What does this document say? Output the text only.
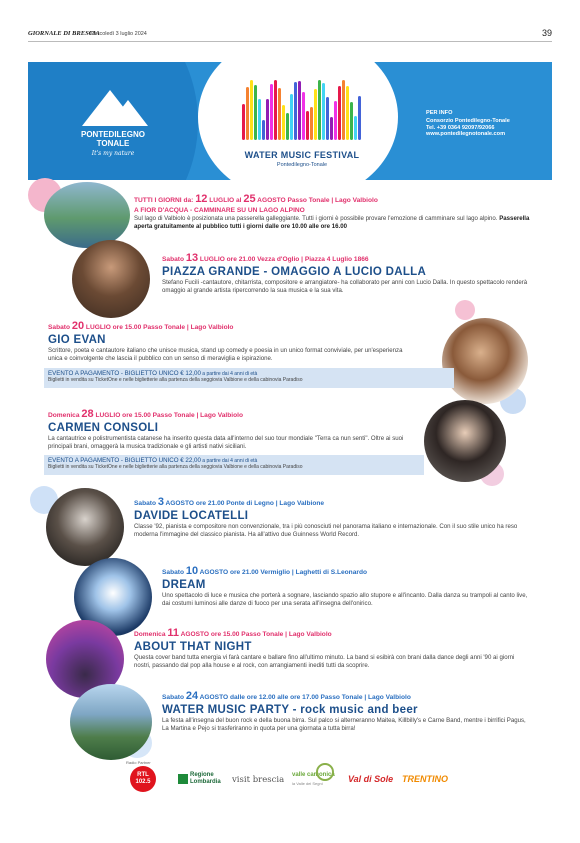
GIORNALE DI BRESCIA
Mercoledì 3 luglio 2024	39
PONTEDILEGNO
TONALE
It's my nature	WATER MUSIC FESTIVAL
Pontedilegno-Tonale
PER INFO
Consorzio Pontedilegno-Tonale
Tel. +39 0364 92097/92066
www.pontedilegnotonale.com
TUTTI I GIORNI da: 12 LUGLIO al 25 AGOSTO Passo Tonale | Lago Valbiolo
A FIOR D'ACQUA - CAMMINARE SU UN LAGO ALPINO
Sul lago di Valbiolo è posizionata una passerella galleggiante. Tutti i giorni è possibile provare l'emozione di camminare sul lago alpino. Passerella aperta gratuitamente al pubblico tutti i giorni dalle ore 10.00 alle ore 16.00
Sabato 13 LUGLIO ore 21.00 Vezza d'Oglio | Piazza 4 Luglio 1866
PIAZZA GRANDE - OMAGGIO A LUCIO DALLA
Stefano Fucili -cantautore, chitarrista, compositore e arrangiatore- ha collaborato per anni con Lucio Dalla. In questo spettacolo renderà omaggio al grande artista ripercorrendo la sua musica e la sua vita.
Sabato 20 LUGLIO ore 15.00 Passo Tonale | Lago Valbiolo
GIO EVAN
Scrittore, poeta e cantautore italiano che unisce musica, stand up comedy e poesia in un unico format conviviale, per un'esperienza unica e coinvolgente che lascia il pubblico con un senso di meraviglia e ispirazione.
EVENTO A PAGAMENTO - BIGLIETTO UNICO € 12,00 a partire dai 4 anni di età
Biglietti in vendita su TicketOne e nelle biglietterie alla partenza della seggiovia Valbione e della cabinovia Paradiso
Domenica 28 LUGLIO ore 15.00 Passo Tonale | Lago Valbiolo
CARMEN CONSOLI
La cantautrice e polistrumentista catanese ha inserito questa data all'interno del suo tour mondiale "Terra ca nun senti". Oltre ai suoi principali brani, omaggerà la musica tradizionale e gli artisti nativi siciliani.
EVENTO A PAGAMENTO - BIGLIETTO UNICO € 22,00 a partire dai 4 anni di età
Biglietti in vendita su TicketOne e nelle biglietterie alla partenza della seggiovia Valbione e della cabinovia Paradiso
Sabato 3 AGOSTO ore 21.00 Ponte di Legno | Lago Valbione
DAVIDE LOCATELLI
Classe '92, pianista e compositore non convenzionale, tra i più conosciuti nel panorama italiano e internazionale. Con il suo stile unico ha reso moderna l'immagine del classico pianista. Ha all'attivo due Guinness World Record.
Sabato 10 AGOSTO ore 21.00 Vermiglio | Laghetti di S.Leonardo
DREAM
Uno spettacolo di luce e musica che porterà a sognare, lasciando spazio allo stupore e all'incanto. Dalla danza su trampoli al canto live, dai costumi luminosi alle danze di fuoco per una serata all'insegna dell'onirico.
Domenica 11 AGOSTO ore 15.00 Passo Tonale | Lago Valbiolo
ABOUT THAT NIGHT
Questa cover band tutta energia vi farà cantare e ballare fino all'ultimo minuto. La band si esibirà con brani dalla dance degli anni '90 ai giorni nostri, passando dal pop alla house e al rock, con arrangiamenti inediti tutti da scoprire.
Sabato 24 AGOSTO dalle ore 12.00 alle ore 17.00 Passo Tonale | Lago Valbiolo
WATER MUSIC PARTY - rock music and beer
La festa all'insegna del buon rock e della buona birra. Sul palco si alterneranno Maitea, Killbilly's e Carne Band, mentre i birrifici Pagus, La Martina e Pejo si trasferiranno in quota per una giornata a tutta birra!
Radio Partner
RTL 102.5
Regione Lombardia	visit brescia valle camonica
la Valle dei Segni	Val di Sole TRENTINO
